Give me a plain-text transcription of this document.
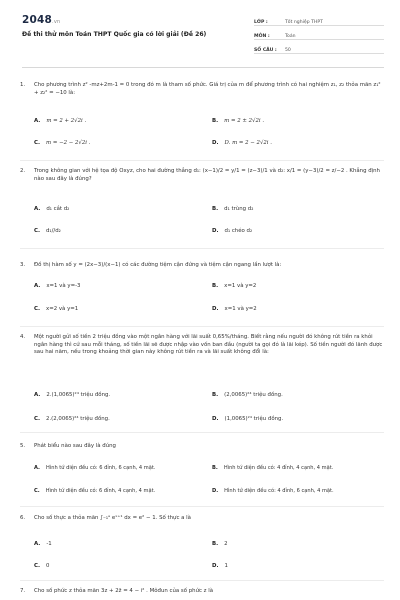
2048.vn
Đề thi thử môn Toán THPT Quốc gia có lời giải (Đề 26)
LỚP :	Tốt nghiệp THPT
MÔN :	Toán
SỐ CÂU :	50
1.	Cho phương trình z² -mz+2m-1 = 0 trong đó m là tham số phức. Giá trị của m để phương trình có hai nghiệm z₁, z₂ thỏa mãn z₁² + z₂² = −10 là:
A. m = 2 + 2√2i .	B. m = 2 ± 2√2i .
C. m = −2 − 2√2i .	D. D. m = 2 − 2√2i .
2.	Trong không gian với hệ tọa độ Oxyz, cho hai đường thẳng d₁: (x−1)/2 = y/1 = (z−3)/1 và d₂: x/1 = (y−3)/2 = z/−2 . Khẳng định nào sau đây là đúng?
A. d₁ cắt d₂	B. d₁ trùng d₂
C. d₁//d₂	D. d₁ chéo d₂
3.	Đồ thị hàm số y = (2x−3)/(x−1) có các đường tiệm cận đứng và tiệm cận ngang lần lượt là:
A. x=1 và y=-3	B. x=1 và y=2
C. x=2 và y=1	D. x=1 và y=2
4.	Một người gửi số tiền 2 triệu đồng vào một ngân hàng với lãi suất 0,65%/tháng. Biết rằng nếu người đó không rút tiền ra khỏi ngân hàng thì cứ sau mỗi tháng, số tiền lãi sẽ được nhập vào vốn ban đầu (người ta gọi đó là lãi kép). Số tiền người đó lãnh được sau hai năm, nếu trong khoảng thời gian này không rút tiền ra và lãi suất không đổi là:
A. 2.(1,0065)²⁴ triệu đồng.	B. (2,0065)²⁴ triệu đồng.
C. 2.(2,0065)²⁴ triệu đồng.	D. (1,0065)²⁴ triệu đồng.
5.	Phát biểu nào sau đây là đúng
A. Hình tứ diện đều có: 6 đỉnh, 6 cạnh, 4 mặt.	B. Hình tứ diện đều có: 4 đỉnh, 4 cạnh, 4 mặt.
C. Hình tứ diện đều có: 6 đỉnh, 4 cạnh, 4 mặt.	D. Hình tứ diện đều có: 4 đỉnh, 6 cạnh, 4 mặt.
6.	Cho số thực a thỏa mãn ∫₋₁ᵃ eˣ⁺¹ dx = e² − 1. Số thực a là
A. -1	B. 2
C. 0	D. 1
7.	Cho số phức z thỏa mãn 3z + 2z̄ = 4 − i² . Môđun của số phức z là
